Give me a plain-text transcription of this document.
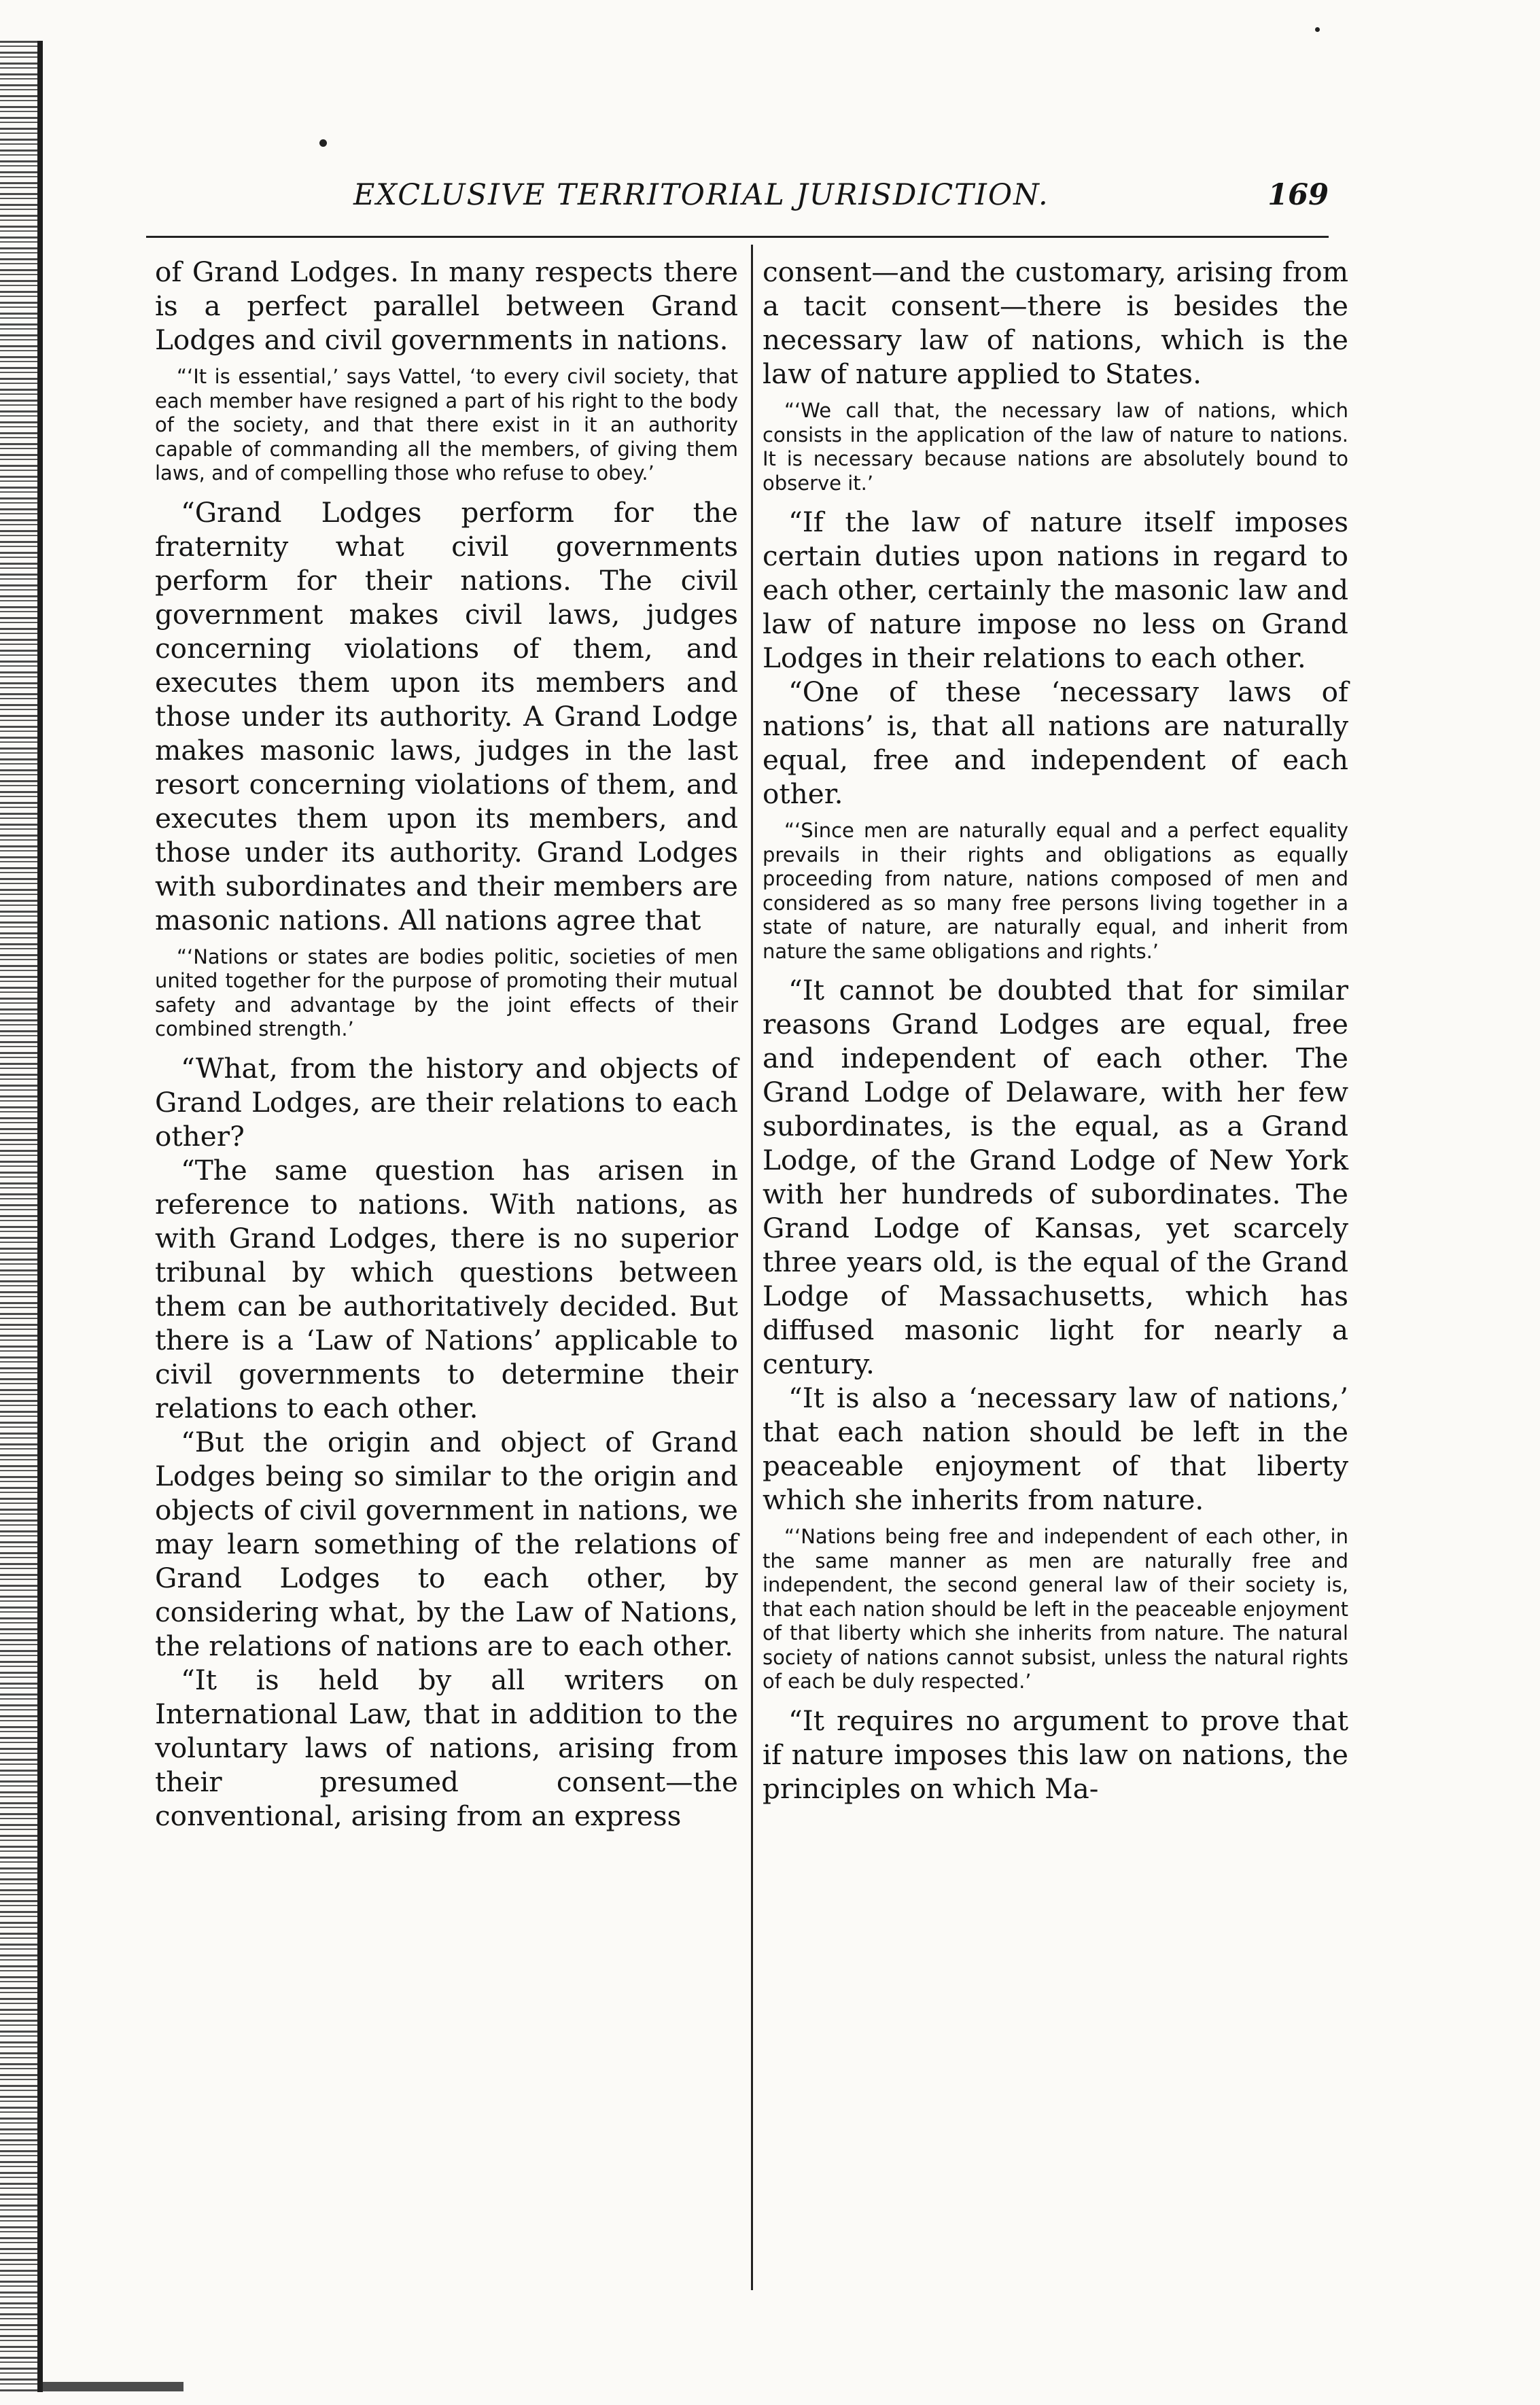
EXCLUSIVE TERRITORIAL JURISDICTION.	169

of Grand Lodges. In many respects there is a perfect parallel between Grand Lodges and civil governments in nations.

“‘It is essential,’ says Vattel, ‘to every civil society, that each member have resigned a part of his right to the body of the society, and that there exist in it an authority capable of commanding all the members, of giving them laws, and of compelling those who refuse to obey.’

“Grand Lodges perform for the fraternity what civil governments perform for their nations. The civil government makes civil laws, judges concerning violations of them, and executes them upon its members and those under its authority. A Grand Lodge makes masonic laws, judges in the last resort concerning violations of them, and executes them upon its members, and those under its authority. Grand Lodges with subordinates and their members are masonic nations. All nations agree that

“‘Nations or states are bodies politic, societies of men united together for the purpose of promoting their mutual safety and advantage by the joint effects of their combined strength.’

“What, from the history and objects of Grand Lodges, are their relations to each other?

“The same question has arisen in reference to nations. With nations, as with Grand Lodges, there is no superior tribunal by which questions between them can be authoritatively decided. But there is a ‘Law of Nations’ applicable to civil governments to determine their relations to each other.

“But the origin and object of Grand Lodges being so similar to the origin and objects of civil government in nations, we may learn something of the relations of Grand Lodges to each other, by considering what, by the Law of Nations, the relations of nations are to each other.

“It is held by all writers on International Law, that in addition to the voluntary laws of nations, arising from their presumed consent—the conventional, arising from an express

consent—and the customary, arising from a tacit consent—there is besides the necessary law of nations, which is the law of nature applied to States.

“‘We call that, the necessary law of nations, which consists in the application of the law of nature to nations. It is necessary because nations are absolutely bound to observe it.’

“If the law of nature itself imposes certain duties upon nations in regard to each other, certainly the masonic law and law of nature impose no less on Grand Lodges in their relations to each other.

“One of these ‘necessary laws of nations’ is, that all nations are naturally equal, free and independent of each other.

“‘Since men are naturally equal and a perfect equality prevails in their rights and obligations as equally proceeding from nature, nations composed of men and considered as so many free persons living together in a state of nature, are naturally equal, and inherit from nature the same obligations and rights.’

“It cannot be doubted that for similar reasons Grand Lodges are equal, free and independent of each other. The Grand Lodge of Delaware, with her few subordinates, is the equal, as a Grand Lodge, of the Grand Lodge of New York with her hundreds of subordinates. The Grand Lodge of Kansas, yet scarcely three years old, is the equal of the Grand Lodge of Massachusetts, which has diffused masonic light for nearly a century.

“It is also a ‘necessary law of nations,’ that each nation should be left in the peaceable enjoyment of that liberty which she inherits from nature.

“‘Nations being free and independent of each other, in the same manner as men are naturally free and independent, the second general law of their society is, that each nation should be left in the peaceable enjoyment of that liberty which she inherits from nature. The natural society of nations cannot subsist, unless the natural rights of each be duly respected.’

“It requires no argument to prove that if nature imposes this law on nations, the principles on which Ma-
